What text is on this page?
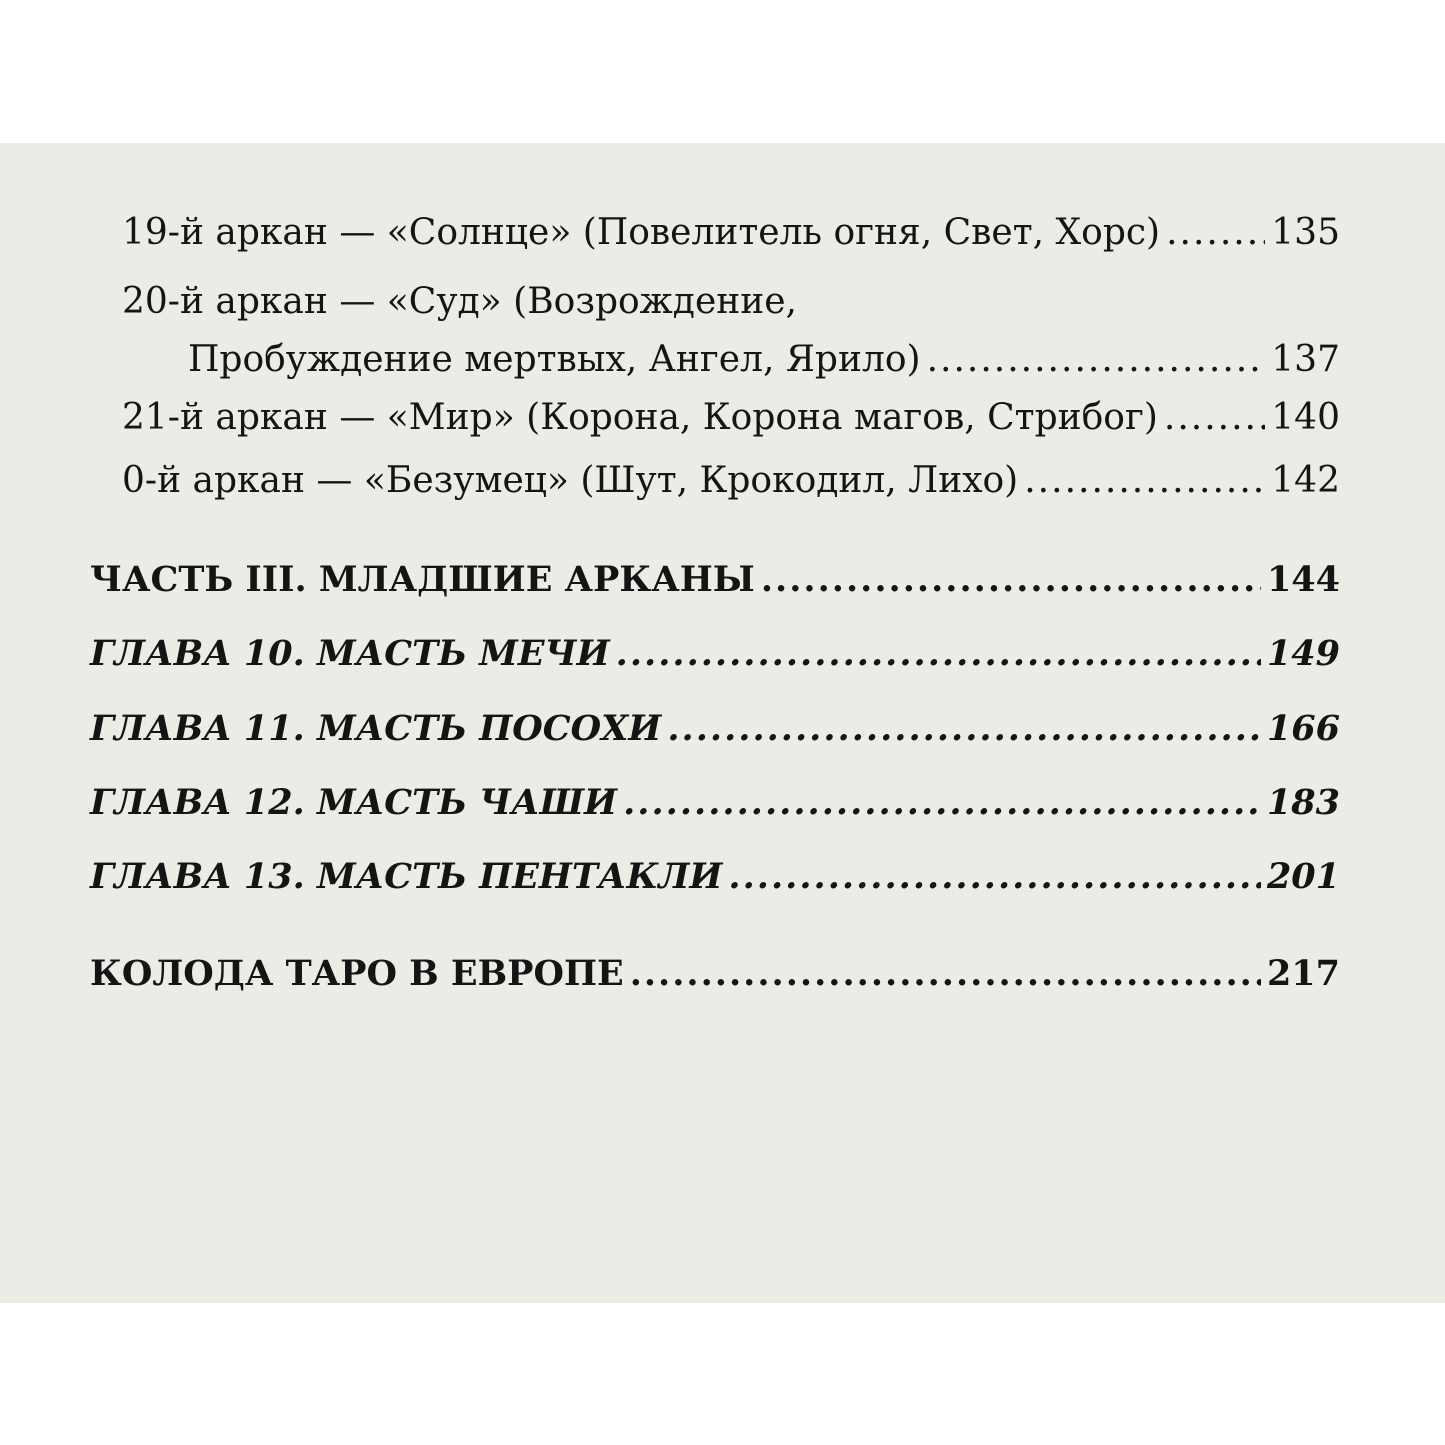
19-й аркан — «Солнце» (Повелитель огня, Свет, Хорс) .....	135
20-й аркан — «Суд» (Возрождение,
Пробуждение мертвых, Ангел, Ярило) .....	137
21-й аркан — «Мир» (Корона, Корона магов, Стрибог) .....	140
0-й аркан — «Безумец» (Шут, Крокодил, Лихо) .....	142
ЧАСТЬ III. МЛАДШИЕ АРКАНЫ .....	144
ГЛАВА 10. МАСТЬ МЕЧИ .....	149
ГЛАВА 11. МАСТЬ ПОСОХИ .....	166
ГЛАВА 12. МАСТЬ ЧАШИ .....	183
ГЛАВА 13. МАСТЬ ПЕНТАКЛИ .....	201
КОЛОДА ТАРО В ЕВРОПЕ .....	217
